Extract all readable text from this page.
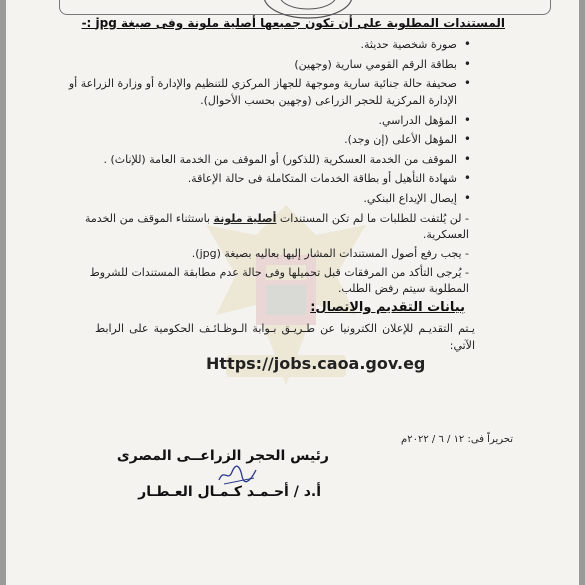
المستندات المطلوبة على أن تكون جميعها أصلية ملونة وفى صيغة jpg :-
• صورة شخصية حديثة.
• بطاقة الرقم القومي سارية (وجهين)
• صحيفة حالة جنائية سارية وموجهة للجهاز المركزي للتنظيم والإدارة أو وزارة الزراعة أو الإدارة المركزية للحجر الزراعى (وجهين بحسب الأحوال).
• المؤهل الدراسي.
• المؤهل الأعلى (إن وجد).
• الموقف من الخدمة العسكرية (للذكور) أو الموقف من الخدمة العامة (للإناث) .
• شهادة التأهيل أو بطاقة الخدمات المتكاملة فى حالة الإعاقة.
• إيصال الإيداع البنكي.

- لن يُلتفت للطلبات ما لم تكن المستندات أصلية ملونة باستثناء الموقف من الخدمة العسكرية.

- يجب رفع أصول المستندات المشار إليها بعاليه بصيغة (jpg).

- يُرجى التأكد من المرفقات قبل تحميلها وفى حالة عدم مطابقة المستندات للشروط المطلوبة سيتم رفض الطلب.

بيانات التقديم والاتصال:
يـتم التقديـم للإعلان الكترونيا عن طـريـق بـوابة الـوظـائـف الحكومية على الرابط الآتي:
Https://jobs.caoa.gov.eg
تحريراً فى: ١٢ / ٦ / ٢٠٢٢م
رئيس الحجر الزراعــى المصرى
أ.د / أحـمـد كـمـال العـطـار
